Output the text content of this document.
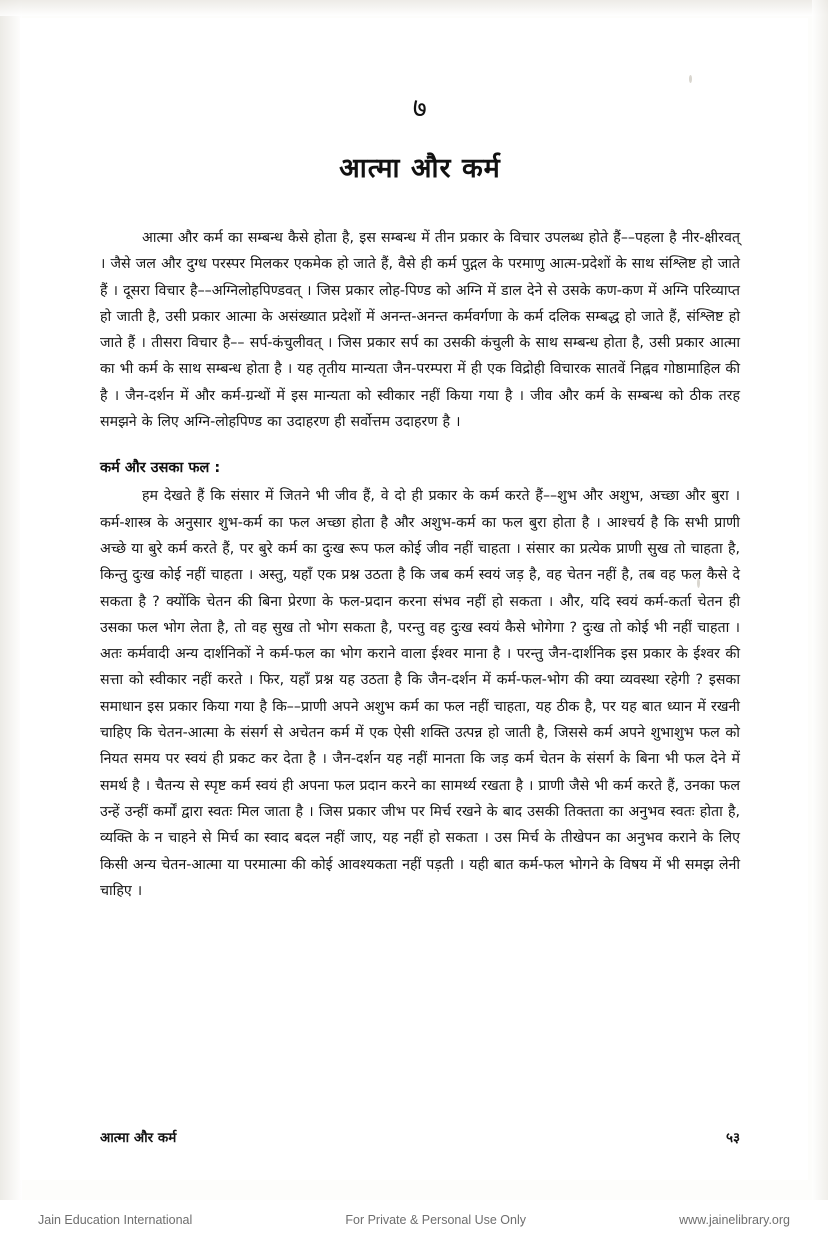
७
आत्मा और कर्म

आत्मा और कर्म का सम्बन्ध कैसे होता है, इस सम्बन्ध में तीन प्रकार के विचार उपलब्ध होते हैं––पहला है नीर-क्षीरवत्‌ । जैसे जल और दुग्ध परस्पर मिलकर एकमेक हो जाते हैं, वैसे ही कर्म पुद्गल के परमाणु आत्म-प्रदेशों के साथ संश्लिष्ट हो जाते हैं । दूसरा विचार है––अग्निलोहपिण्डवत्‌ । जिस प्रकार लोह-पिण्ड को अग्नि में डाल देने से उसके कण-कण में अग्नि परिव्याप्त हो जाती है, उसी प्रकार आत्मा के असंख्यात प्रदेशों में अनन्त-अनन्त कर्मवर्गणा के कर्म दलिक सम्बद्ध हो जाते हैं, संश्लिष्ट हो जाते हैं । तीसरा विचार है–– सर्प-कंचुलीवत्‌ । जिस प्रकार सर्प का उसकी कंचुली के साथ सम्बन्ध होता है, उसी प्रकार आत्मा का भी कर्म के साथ सम्बन्ध होता है । यह तृतीय मान्यता जैन-परम्परा में ही एक विद्रोही विचारक सातवें निह्नव गोष्ठामाहिल की है । जैन-दर्शन में और कर्म-ग्रन्थों में इस मान्यता को स्वीकार नहीं किया गया है । जीव और कर्म के सम्बन्ध को ठीक तरह समझने के लिए अग्नि-लोहपिण्ड का उदाहरण ही सर्वोत्तम उदाहरण है ।

कर्म और उसका फल :

हम देखते हैं कि संसार में जितने भी जीव हैं, वे दो ही प्रकार के कर्म करते हैं––शुभ और अशुभ, अच्छा और बुरा । कर्म-शास्त्र के अनुसार शुभ-कर्म का फल अच्छा होता है और अशुभ-कर्म का फल बुरा होता है । आश्चर्य है कि सभी प्राणी अच्छे या बुरे कर्म करते हैं, पर बुरे कर्म का दुःख रूप फल कोई जीव नहीं चाहता । संसार का प्रत्येक प्राणी सुख तो चाहता है, किन्तु दुःख कोई नहीं चाहता । अस्तु, यहाँ एक प्रश्न उठता है कि जब कर्म स्वयं जड़ है, वह चेतन नहीं है, तब वह फल कैसे दे सकता है ? क्योंकि चेतन की बिना प्रेरणा के फल-प्रदान करना संभव नहीं हो सकता । और, यदि स्वयं कर्म-कर्ता चेतन ही उसका फल भोग लेता है, तो वह सुख तो भोग सकता है, परन्तु वह दुःख स्वयं कैसे भोगेगा ? दुःख तो कोई भी नहीं चाहता । अतः कर्मवादी अन्य दार्शनिकों ने कर्म-फल का भोग कराने वाला ईश्वर माना है । परन्तु जैन-दार्शनिक इस प्रकार के ईश्वर की सत्ता को स्वीकार नहीं करते । फिर, यहाँ प्रश्न यह उठता है कि जैन-दर्शन में कर्म-फल-भोग की क्या व्यवस्था रहेगी ? इसका समाधान इस प्रकार किया गया है कि––प्राणी अपने अशुभ कर्म का फल नहीं चाहता, यह ठीक है, पर यह बात ध्यान में रखनी चाहिए कि चेतन-आत्मा के संसर्ग से अचेतन कर्म में एक ऐसी शक्ति उत्पन्न हो जाती है, जिससे कर्म अपने शुभाशुभ फल को नियत समय पर स्वयं ही प्रकट कर देता है । जैन-दर्शन यह नहीं मानता कि जड़ कर्म चेतन के संसर्ग के बिना भी फल देने में समर्थ है । चैतन्य से स्पृष्ट कर्म स्वयं ही अपना फल प्रदान करने का सामर्थ्य रखता है । प्राणी जैसे भी कर्म करते हैं, उनका फल उन्हें उन्हीं कर्मों द्वारा स्वतः मिल जाता है । जिस प्रकार जीभ पर मिर्च रखने के बाद उसकी तिक्तता का अनुभव स्वतः होता है, व्यक्ति के न चाहने से मिर्च का स्वाद बदल नहीं जाए, यह नहीं हो सकता । उस मिर्च के तीखेपन का अनुभव कराने के लिए किसी अन्य चेतन-आत्मा या परमात्मा की कोई आवश्यकता नहीं पड़ती । यही बात कर्म-फल भोगने के विषय में भी समझ लेनी चाहिए ।

आत्मा और कर्म	५३
Jain Education International	For Private & Personal Use Only	www.jainelibrary.org
